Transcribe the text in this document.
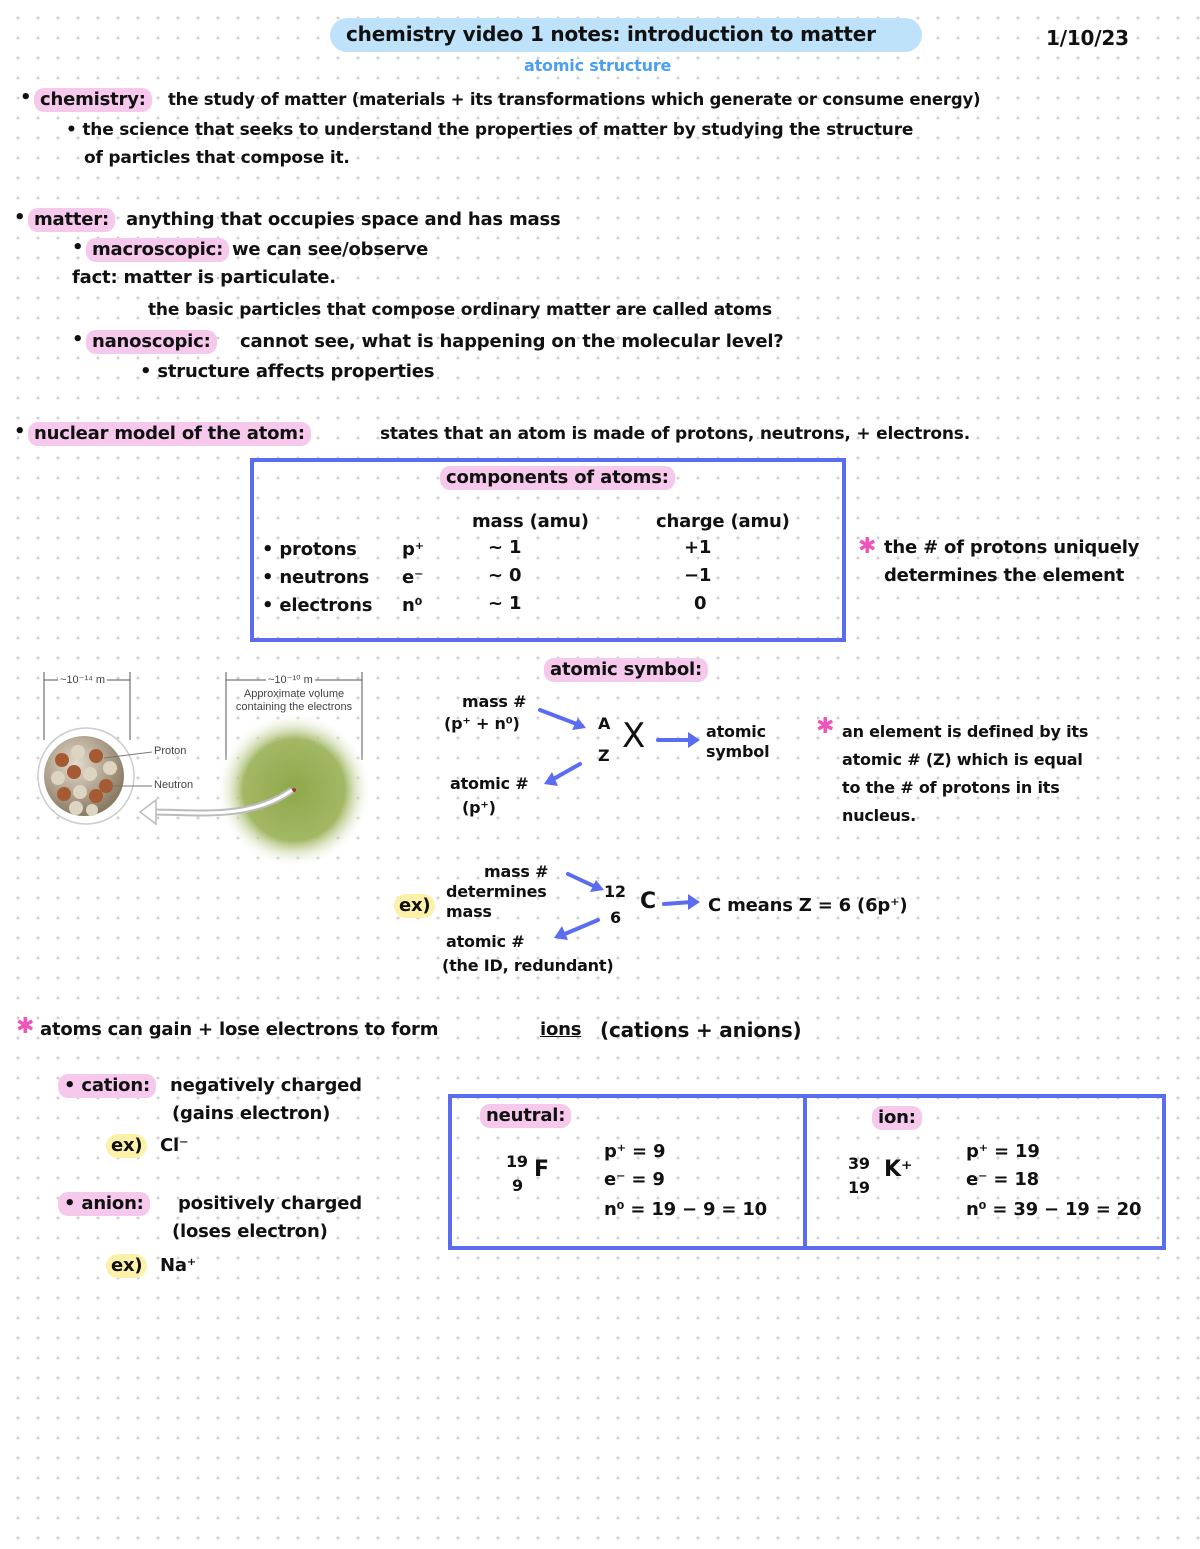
chemistry video 1 notes: introduction to matter	1/10/23
atomic structure
• chemistry:	the study of matter (materials + its transformations which generate or consume energy)
• the science that seeks to understand the properties of matter by studying the structure
of particles that compose it.
• matter: anything that occupies space and has mass
• macroscopic: we can see/observe
fact: matter is particulate.
the basic particles that compose ordinary matter are called atoms
• nanoscopic:	cannot see, what is happening on the molecular level?
• structure affects properties
• nuclear model of the atom:	states that an atom is made of protons, neutrons, + electrons.
components of atoms:
mass (amu)	charge (amu)
• protons	p⁺	~ 1	+1
• neutrons e⁻	~ 0	−1
• electrons n⁰	~ 1	0
✱ the # of protons uniquely
determines the element
~10⁻¹⁴ m	~10⁻¹⁰ m
Approximate volume
containing the electrons
Proton
Neutron
atomic symbol:
mass #
(p⁺ + n⁰)
atomic #
(p⁺)
A
Z X	atomic
symbol
✱ an element is defined by its
atomic # (Z) which is equal
to the # of protons in its
nucleus.
ex)
mass #
determines
mass
atomic #
(the ID, redundant)
12
6
C	C means Z = 6 (6p⁺)
✱ atoms can gain + lose electrons to form	ions (cations + anions)
• cation:	negatively charged
(gains electron)
ex) Cl⁻
• anion:	positively charged
(loses electron)
ex) Na⁺
neutral:
19
9
F
p⁺ = 9
e⁻ = 9
n⁰ = 19 − 9 = 10
ion:
39
19
K⁺
p⁺ = 19
e⁻ = 18
n⁰ = 39 − 19 = 20
